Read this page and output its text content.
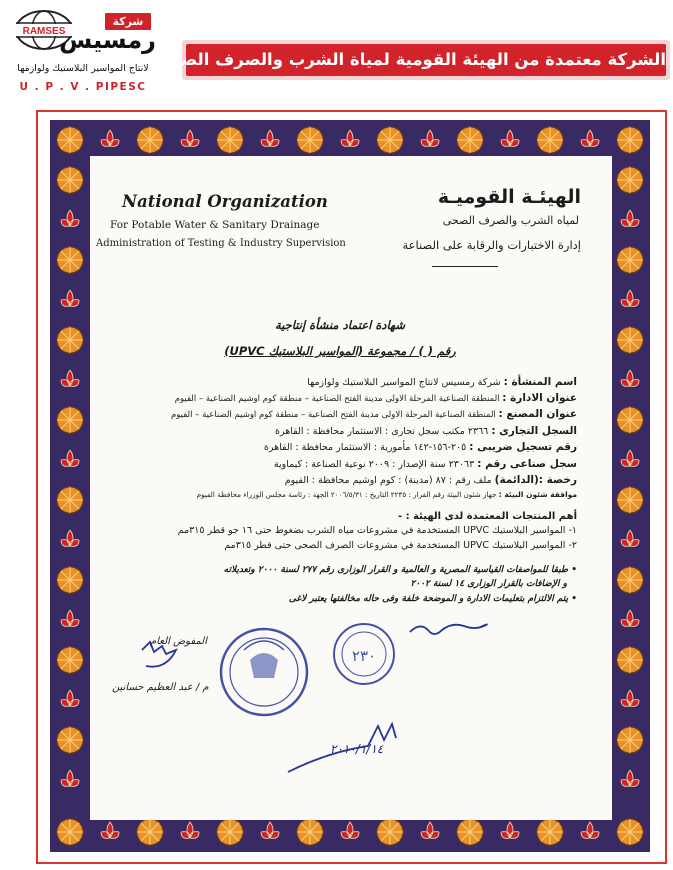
RAMSES
شركة
رمسيس
لانتاج المواسير البلاستيك ولوازمها
U . P . V . PIPESC
الشركة معتمدة من الهيئة القومية لمياة الشرب والصرف الصحى
National Organization
For Potable Water & Sanitary Drainage
Administration of Testing & Industry Supervision
الهيئـة القوميـة
لمياه الشرب والصرف الصحى
إدارة الاختبارات والرقابة على الصناعة
شهادة اعتماد منشأة إنتاجية
رقم ( ) / مجموعة (المواسير البلاستيك UPVC)
اسم المنشأة : شركة رمسيس لانتاج المواسير البلاستيك ولوازمها
عنوان الادارة : المنطقة الصناعية المرحلة الاولى مدينة الفتح الصناعية – منطقة كوم اوشيم الصناعية – الفيوم
عنوان المصنع : المنطقة الصناعية المرحلة الاولى مدينة الفتح الصناعية – منطقة كوم اوشيم الصناعية – الفيوم
السجل التجارى : ٢٣٦٦ مكتب سجل تجارى : الاستثمار محافظة : القاهرة
رقم تسجيل ضريبى : ٢٠٥-١٥٦-١٤٢ مأمورية : الاستثمار محافظة : القاهرة
سجل صناعى رقم : ٢٣٠٦٣ سنة الإصدار : ٢٠٠٩ نوعية الصناعة : كيماوية
رخصة :(الدائمة) ملف رقم : ٨٧ (مدينة) : كوم اوشيم محافظة : الفيوم
موافقة شئون البيئة : جهاز شئون البيئة رقم القرار : ٢٢٣٥ التاريخ : ٢٠٠٦/٥/٣١ الجهة : رئاسة مجلس الوزراء محافظة الفيوم
أهم المنتجات المعتمدة لدى الهيئة : -
١- المواسير البلاستيك UPVC المستخدمة في مشروعات مياه الشرب بضغوط حتى ١٦ جو قطر ٣١٥مم
٢- المواسير البلاستيك UPVC المستخدمة في مشروعات الصرف الصحى حتى قطر ٣١٥مم
• طبقا للمواصفات القياسية المصرية و العالمية و القرار الوزارى رقم ٢٧٧ لسنة ٢٠٠٠ وتعديلاته
و الإضافات بالقرار الوزارى ١٤ لسنة ٢٠٠٢
• يتم الالتزام بتعليمات الادارة و الموضحة خلفة وفى حاله مخالفتها يعتبر لاغى
٢٣٠
المفوض العام
م / عبد العظيم حسانين
٢٠١٠/١/١٤
